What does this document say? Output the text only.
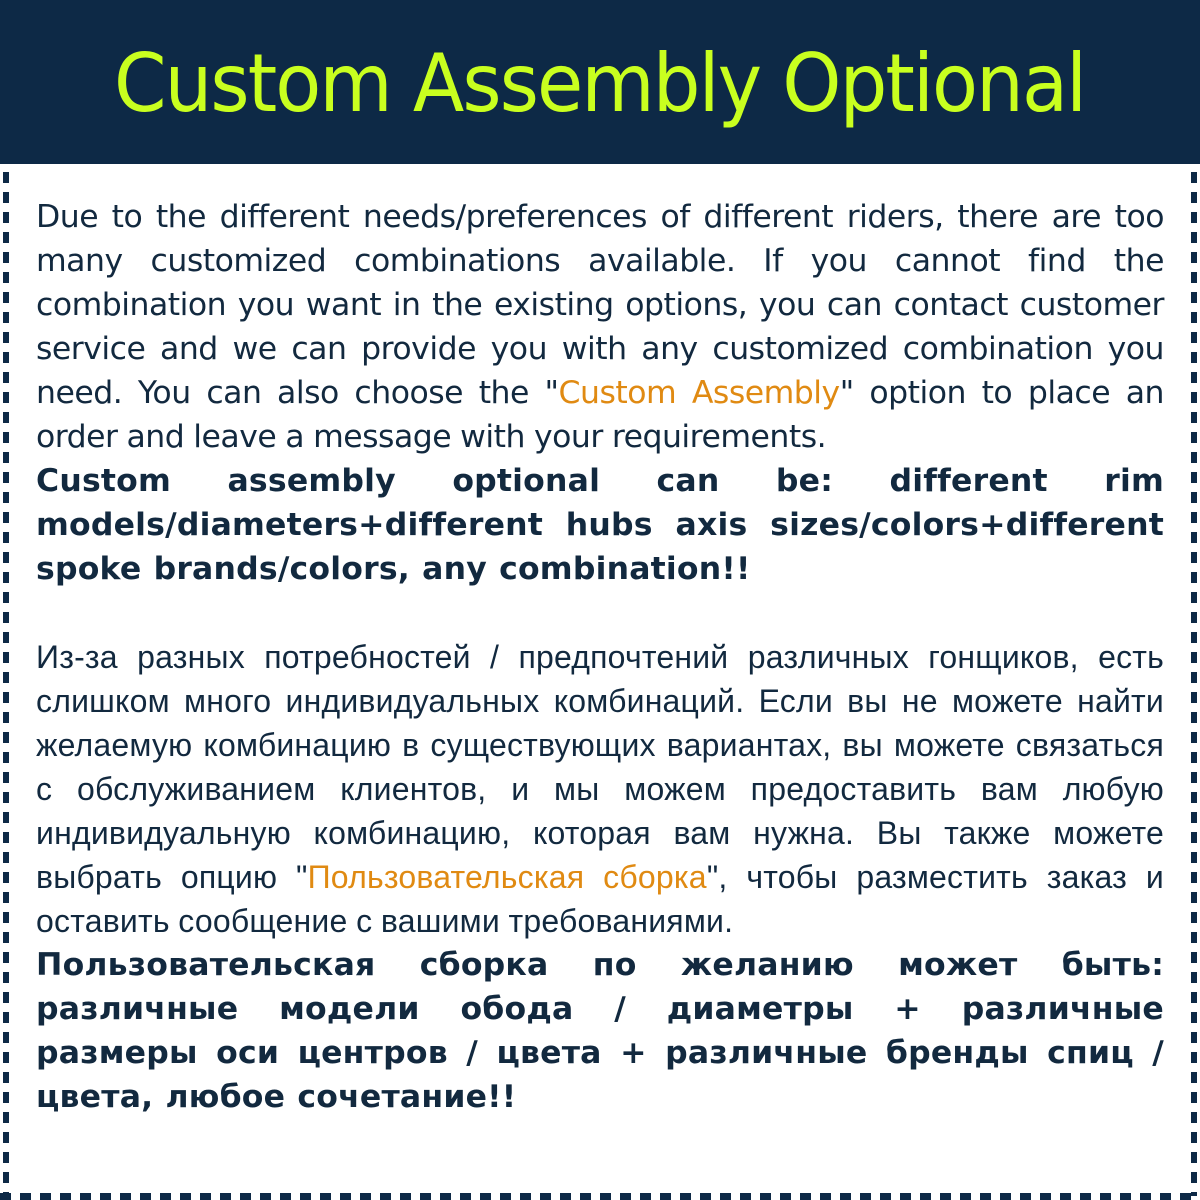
Custom Assembly Optional

Due to the different needs/preferences of different riders, there are too many customized combinations available. If you cannot find the combination you want in the existing options, you can contact customer service and we can provide you with any customized combination you need. You can also choose the "Custom Assembly" option to place an order and leave a message with your requirements.

Custom assembly optional can be: different rim models/diameters+different hubs axis sizes/colors+different spoke brands/colors, any combination!!

Из-за разных потребностей / предпочтений различных гонщиков, есть слишком много индивидуальных комбинаций. Если вы не можете найти желаемую комбинацию в существующих вариантах, вы можете связаться с обслуживанием клиентов, и мы можем предоставить вам любую индивидуальную комбинацию, которая вам нужна. Вы также можете выбрать опцию "Пользовательская сборка", чтобы разместить заказ и оставить сообщение с вашими требованиями.

Пользовательская сборка по желанию может быть: различные модели обода / диаметры + различные размеры оси центров / цвета + различные бренды спиц / цвета, любое сочетание!!
